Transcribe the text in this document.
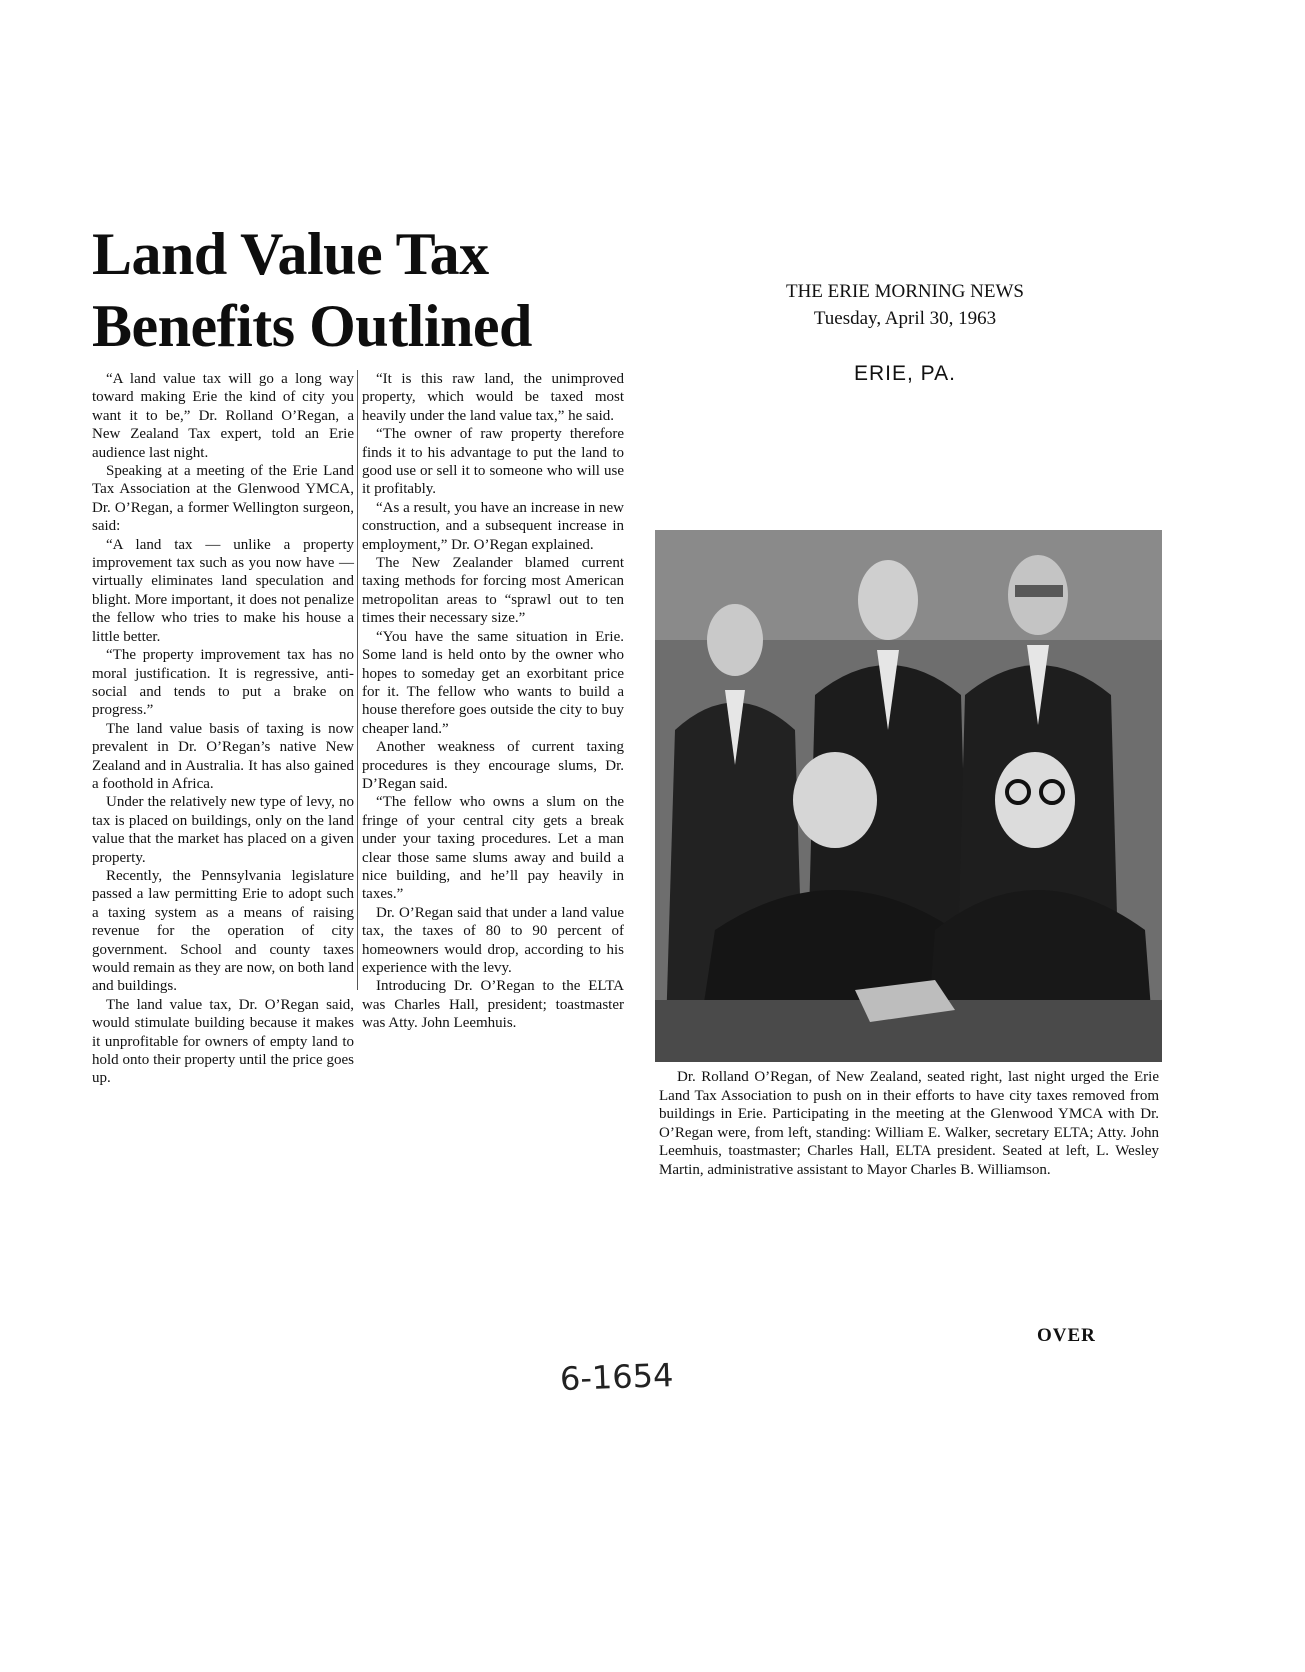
Land Value Tax
Benefits Outlined
THE ERIE MORNING NEWS
Tuesday, April 30, 1963
ERIE, PA.

“A land value tax will go a long way toward making Erie the kind of city you want it to be,” Dr. Rolland O’Regan, a New Zealand Tax expert, told an Erie audience last night.

Speaking at a meeting of the Erie Land Tax Association at the Glenwood YMCA, Dr. O’Regan, a former Wellington surgeon, said:

“A land tax — unlike a property improvement tax such as you now have — virtually eliminates land speculation and blight. More important, it does not penalize the fellow who tries to make his house a little better.

“The property improvement tax has no moral justification. It is regressive, anti-social and tends to put a brake on progress.”

The land value basis of taxing is now prevalent in Dr. O’Regan’s native New Zealand and in Australia. It has also gained a foothold in Africa.

Under the relatively new type of levy, no tax is placed on buildings, only on the land value that the market has placed on a given property.

Recently, the Pennsylvania legislature passed a law permitting Erie to adopt such a taxing system as a means of raising revenue for the operation of city government. School and county taxes would remain as they are now, on both land and buildings.

The land value tax, Dr. O’Regan said, would stimulate building because it makes it unprofitable for owners of empty land to hold onto their property until the price goes up.

“It is this raw land, the unimproved property, which would be taxed most heavily under the land value tax,” he said.

“The owner of raw property therefore finds it to his advantage to put the land to good use or sell it to someone who will use it profitably.

“As a result, you have an increase in new construction, and a subsequent increase in employment,” Dr. O’Regan explained.

The New Zealander blamed current taxing methods for forcing most American metropolitan areas to “sprawl out to ten times their necessary size.”

“You have the same situation in Erie. Some land is held onto by the owner who hopes to someday get an exorbitant price for it. The fellow who wants to build a house therefore goes outside the city to buy cheaper land.”

Another weakness of current taxing procedures is they encourage slums, Dr. D’Regan said.

“The fellow who owns a slum on the fringe of your central city gets a break under your taxing procedures. Let a man clear those same slums away and build a nice building, and he’ll pay heavily in taxes.”

Dr. O’Regan said that under a land value tax, the taxes of 80 to 90 percent of homeowners would drop, according to his experience with the levy.

Introducing Dr. O’Regan to the ELTA was Charles Hall, president; toastmaster was Atty. John Leemhuis.

Dr. Rolland O’Regan, of New Zealand, seated right, last night urged the Erie Land Tax Association to push on in their efforts to have city taxes removed from buildings in Erie. Participating in the meeting at the Glenwood YMCA with Dr. O’Regan were, from left, standing: William E. Walker, secretary ELTA; Atty. John Leemhuis, toastmaster; Charles Hall, ELTA president. Seated at left, L. Wesley Martin, administrative assistant to Mayor Charles B. Williamson.
OVER
6-1654
